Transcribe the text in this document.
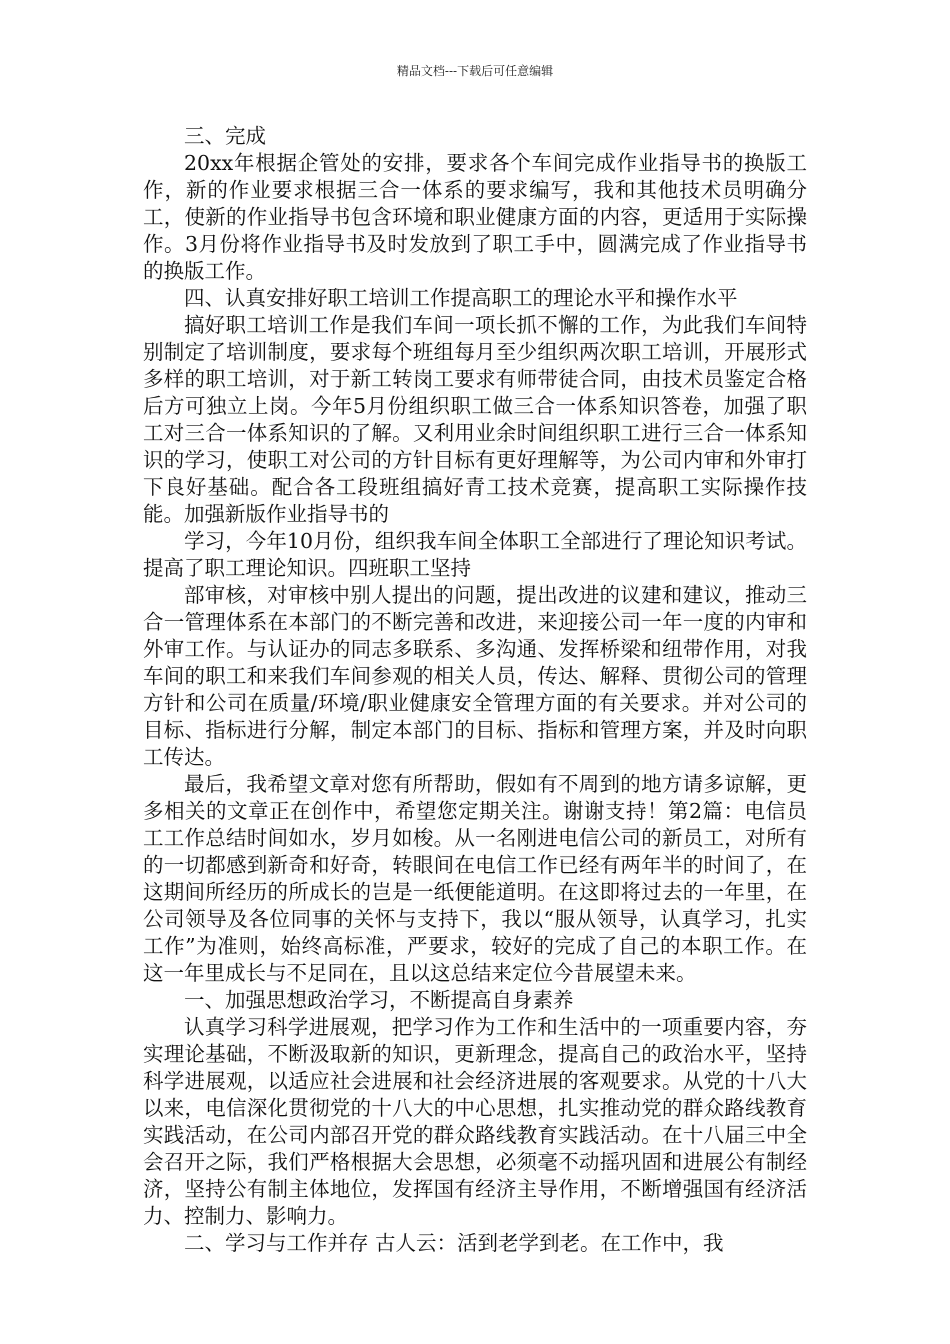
精品文档---下载后可任意编辑

三、完成

20xx年根据企管处的安排，要求各个车间完成作业指导书的换版工作，新的作业要求根据三合一体系的要求编写，我和其他技术员明确分工，使新的作业指导书包含环境和职业健康方面的内容，更适用于实际操作。3月份将作业指导书及时发放到了职工手中，圆满完成了作业指导书的换版工作。

四、认真安排好职工培训工作提高职工的理论水平和操作水平

搞好职工培训工作是我们车间一项长抓不懈的工作，为此我们车间特别制定了培训制度，要求每个班组每月至少组织两次职工培训，开展形式多样的职工培训，对于新工转岗工要求有师带徒合同，由技术员鉴定合格后方可独立上岗。今年5月份组织职工做三合一体系知识答卷，加强了职工对三合一体系知识的了解。又利用业余时间组织职工进行三合一体系知识的学习，使职工对公司的方针目标有更好理解等，为公司内审和外审打下良好基础。配合各工段班组搞好青工技术竞赛，提高职工实际操作技能。加强新版作业指导书的

学习，今年10月份，组织我车间全体职工全部进行了理论知识考试。提高了职工理论知识。四班职工坚持

部审核，对审核中别人提出的问题，提出改进的议建和建议，推动三合一管理体系在本部门的不断完善和改进，来迎接公司一年一度的内审和外审工作。与认证办的同志多联系、多沟通、发挥桥梁和纽带作用，对我车间的职工和来我们车间参观的相关人员，传达、解释、贯彻公司的管理方针和公司在质量/环境/职业健康安全管理方面的有关要求。并对公司的目标、指标进行分解，制定本部门的目标、指标和管理方案，并及时向职工传达。

最后，我希望文章对您有所帮助，假如有不周到的地方请多谅解，更多相关的文章正在创作中，希望您定期关注。谢谢支持！第2篇：电信员工工作总结时间如水，岁月如梭。从一名刚进电信公司的新员工，对所有的一切都感到新奇和好奇，转眼间在电信工作已经有两年半的时间了，在这期间所经历的所成长的岂是一纸便能道明。在这即将过去的一年里，在公司领导及各位同事的关怀与支持下，我以“服从领导，认真学习，扎实工作”为准则，始终高标准，严要求，较好的完成了自己的本职工作。在这一年里成长与不足同在，且以这总结来定位今昔展望未来。

一、加强思想政治学习，不断提高自身素养

认真学习科学进展观，把学习作为工作和生活中的一项重要内容，夯实理论基础，不断汲取新的知识，更新理念，提高自己的政治水平，坚持科学进展观，以适应社会进展和社会经济进展的客观要求。从党的十八大以来，电信深化贯彻党的十八大的中心思想，扎实推动党的群众路线教育实践活动，在公司内部召开党的群众路线教育实践活动。在十八届三中全会召开之际，我们严格根据大会思想，必须毫不动摇巩固和进展公有制经济，坚持公有制主体地位，发挥国有经济主导作用，不断增强国有经济活力、控制力、影响力。

二、学习与工作并存 古人云：活到老学到老。在工作中，我
